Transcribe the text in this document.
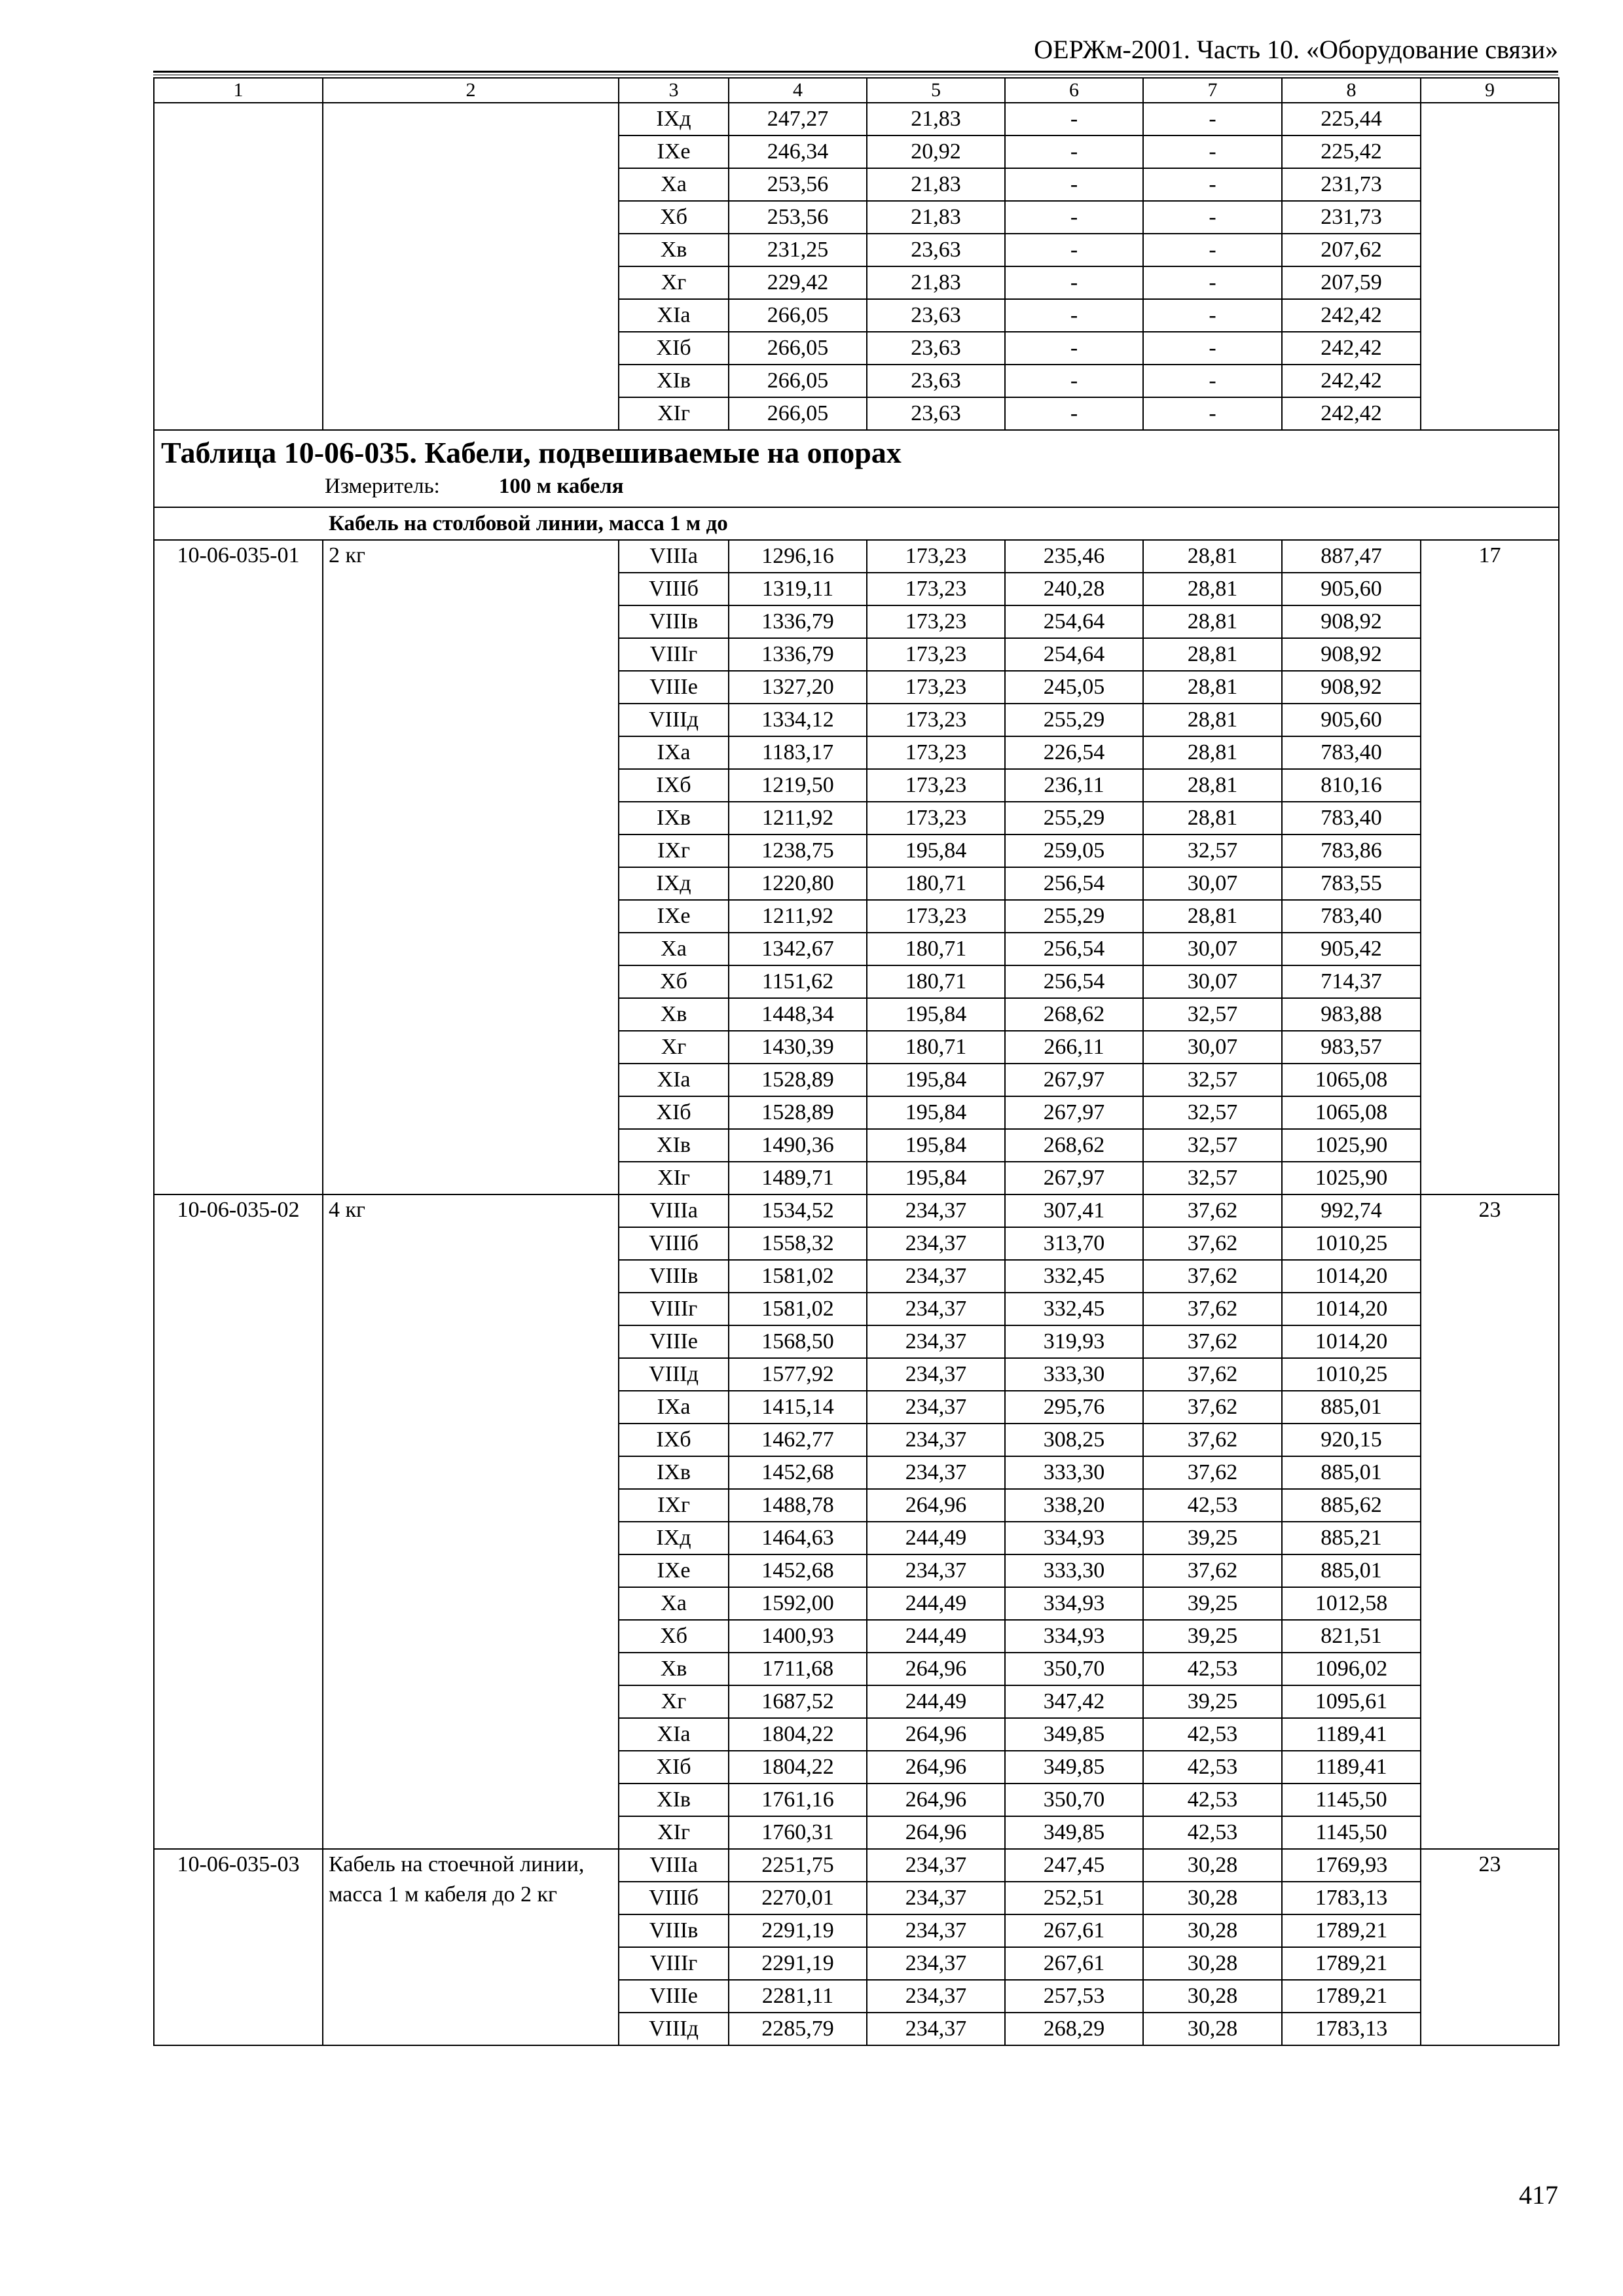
ОЕРЖм-2001. Часть 10. «Оборудование связи»
1	2	3	4	5	6	7	8	9
		IXд	247,27	21,83	-	-	225,44	
		IXе	246,34	20,92	-	-	225,42	
		Xа	253,56	21,83	-	-	231,73	
		Xб	253,56	21,83	-	-	231,73	
		Xв	231,25	23,63	-	-	207,62	
		Xг	229,42	21,83	-	-	207,59	
		XIа	266,05	23,63	-	-	242,42	
		XIб	266,05	23,63	-	-	242,42	
		XIв	266,05	23,63	-	-	242,42	
		XIг	266,05	23,63	-	-	242,42	

Таблица 10-06-035. Кабели, подвешиваемые на опорах
Измеритель: 100 м кабеля								

Кабель на столбовой линии, масса 1 м до								
10-06-035-01	2 кг	VIIIа	1296,16	173,23	235,46	28,81	887,47	17
		VIIIб	1319,11	173,23	240,28	28,81	905,60	
		VIIIв	1336,79	173,23	254,64	28,81	908,92	
		VIIIг	1336,79	173,23	254,64	28,81	908,92	
		VIIIе	1327,20	173,23	245,05	28,81	908,92	
		VIIIд	1334,12	173,23	255,29	28,81	905,60	
		IXа	1183,17	173,23	226,54	28,81	783,40	
		IXб	1219,50	173,23	236,11	28,81	810,16	
		IXв	1211,92	173,23	255,29	28,81	783,40	
		IXг	1238,75	195,84	259,05	32,57	783,86	
		IXд	1220,80	180,71	256,54	30,07	783,55	
		IXе	1211,92	173,23	255,29	28,81	783,40	
		Xа	1342,67	180,71	256,54	30,07	905,42	
		Xб	1151,62	180,71	256,54	30,07	714,37	
		Xв	1448,34	195,84	268,62	32,57	983,88	
		Xг	1430,39	180,71	266,11	30,07	983,57	
		XIа	1528,89	195,84	267,97	32,57	1065,08	
		XIб	1528,89	195,84	267,97	32,57	1065,08	
		XIв	1490,36	195,84	268,62	32,57	1025,90	
		XIг	1489,71	195,84	267,97	32,57	1025,90	
10-06-035-02	4 кг	VIIIа	1534,52	234,37	307,41	37,62	992,74	23
		VIIIб	1558,32	234,37	313,70	37,62	1010,25	
		VIIIв	1581,02	234,37	332,45	37,62	1014,20	
		VIIIг	1581,02	234,37	332,45	37,62	1014,20	
		VIIIе	1568,50	234,37	319,93	37,62	1014,20	
		VIIIд	1577,92	234,37	333,30	37,62	1010,25	
		IXа	1415,14	234,37	295,76	37,62	885,01	
		IXб	1462,77	234,37	308,25	37,62	920,15	
		IXв	1452,68	234,37	333,30	37,62	885,01	
		IXг	1488,78	264,96	338,20	42,53	885,62	
		IXд	1464,63	244,49	334,93	39,25	885,21	
		IXе	1452,68	234,37	333,30	37,62	885,01	
		Xа	1592,00	244,49	334,93	39,25	1012,58	
		Xб	1400,93	244,49	334,93	39,25	821,51	
		Xв	1711,68	264,96	350,70	42,53	1096,02	
		Xг	1687,52	244,49	347,42	39,25	1095,61	
		XIа	1804,22	264,96	349,85	42,53	1189,41	
		XIб	1804,22	264,96	349,85	42,53	1189,41	
		XIв	1761,16	264,96	350,70	42,53	1145,50	
		XIг	1760,31	264,96	349,85	42,53	1145,50	
10-06-035-03	Кабель на стоечной линии, масса 1 м кабеля до 2 кг	VIIIа	2251,75	234,37	247,45	30,28	1769,93	23
		VIIIб	2270,01	234,37	252,51	30,28	1783,13	
		VIIIв	2291,19	234,37	267,61	30,28	1789,21	
		VIIIг	2291,19	234,37	267,61	30,28	1789,21	
		VIIIе	2281,11	234,37	257,53	30,28	1789,21	
		VIIIд	2285,79	234,37	268,29	30,28	1783,13	
417
